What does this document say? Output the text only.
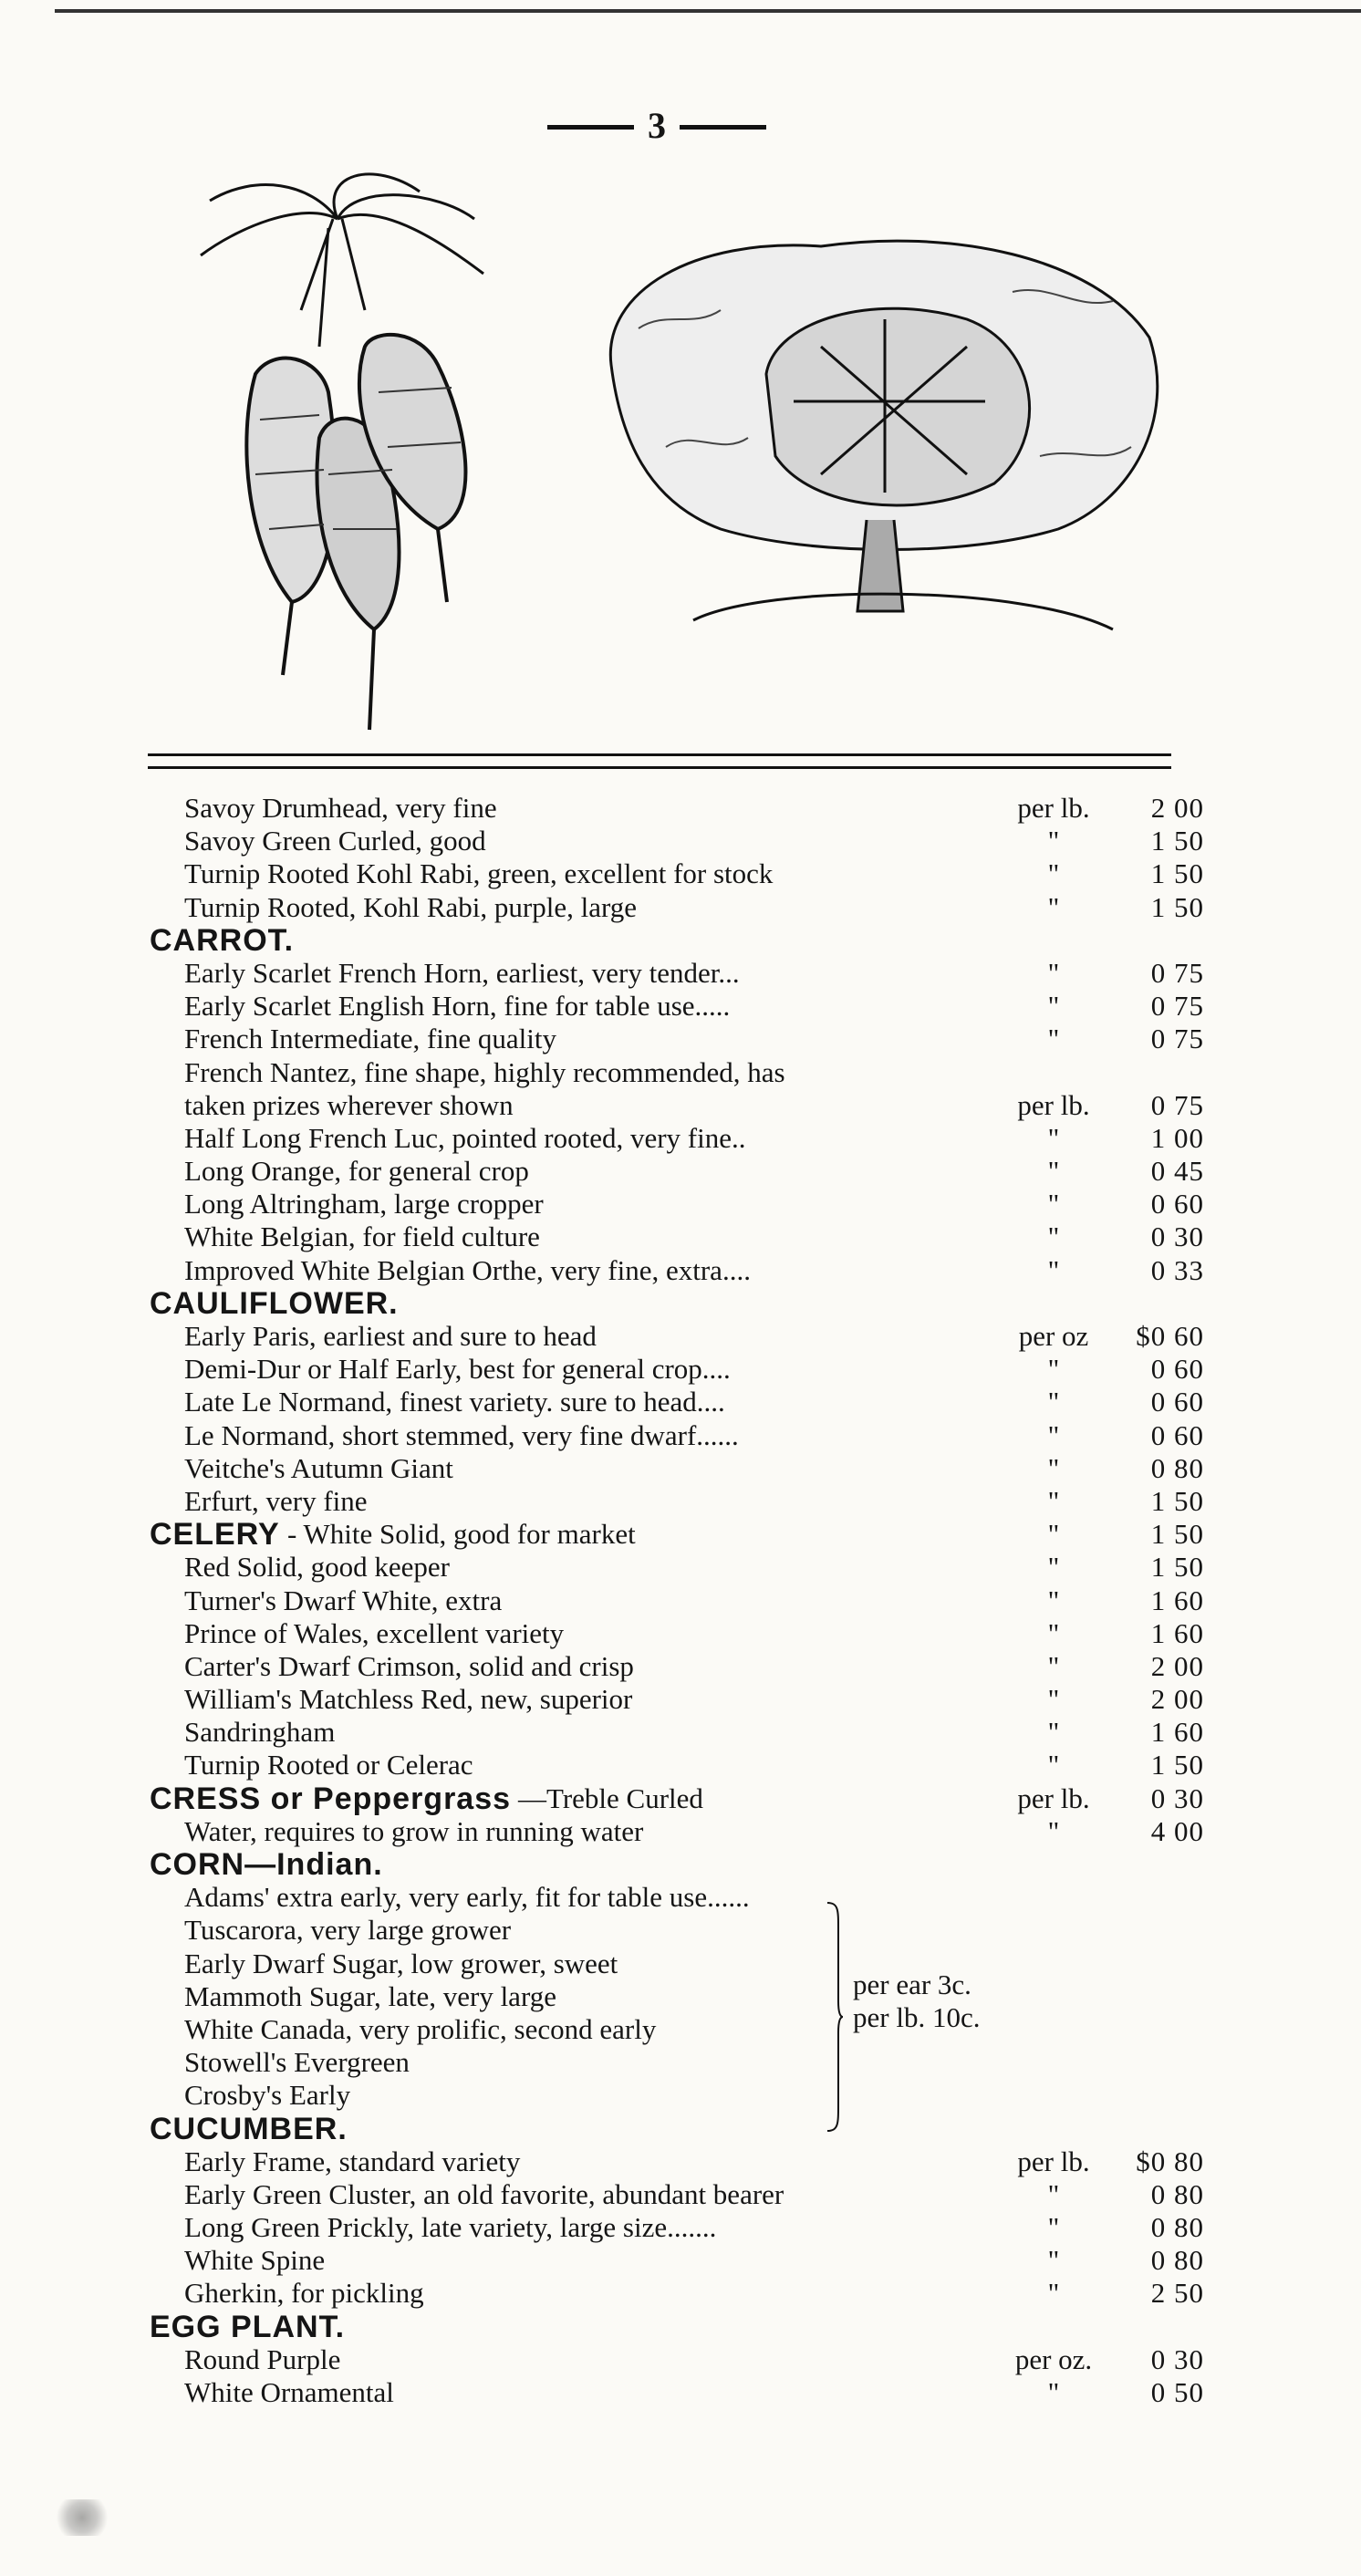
3
Savoy Drumhead, very fine	per lb.	2 00
Savoy Green Curled, good	"	1 50
Turnip Rooted Kohl Rabi, green, excellent for stock	"	1 50
Turnip Rooted, Kohl Rabi, purple, large	"	1 50
CARROT.
Early Scarlet French Horn, earliest, very tender...	"	0 75
Early Scarlet English Horn, fine for table use.....	"	0 75
French Intermediate, fine quality	"	0 75
French Nantez, fine shape, highly recommended, has
taken prizes wherever shown	per lb.	0 75
Half Long French Luc, pointed rooted, very fine..	"	1 00
Long Orange, for general crop	"	0 45
Long Altringham, large cropper	"	0 60
White Belgian, for field culture	"	0 30
Improved White Belgian Orthe, very fine, extra....	"	0 33
CAULIFLOWER.
Early Paris, earliest and sure to head	per oz	$0 60
Demi-Dur or Half Early, best for general crop....	"	0 60
Late Le Normand, finest variety. sure to head....	"	0 60
Le Normand, short stemmed, very fine dwarf......	"	0 60
Veitche's Autumn Giant	"	0 80
Erfurt, very fine	"	1 50
CELERY - White Solid, good for market	"	1 50
Red Solid, good keeper	"	1 50
Turner's Dwarf White, extra	"	1 60
Prince of Wales, excellent variety	"	1 60
Carter's Dwarf Crimson, solid and crisp	"	2 00
William's Matchless Red, new, superior	"	2 00
Sandringham	"	1 60
Turnip Rooted or Celerac	"	1 50
CRESS or Peppergrass —Treble Curled	per lb.	0 30
Water, requires to grow in running water	"	4 00
CORN—Indian.
Adams' extra early, very early, fit for table use......
Tuscarora, very large grower
Early Dwarf Sugar, low grower, sweet
Mammoth Sugar, late, very large
White Canada, very prolific, second early
Stowell's Evergreen
Crosby's Early
CUCUMBER.
Early Frame, standard variety	per lb.	$0 80
Early Green Cluster, an old favorite, abundant bearer	"	0 80
Long Green Prickly, late variety, large size.......	"	0 80
White Spine	"	0 80
Gherkin, for pickling	"	2 50
EGG PLANT.
Round Purple	per oz.	0 30
White Ornamental	"	0 50
per ear 3c.
per lb. 10c.
